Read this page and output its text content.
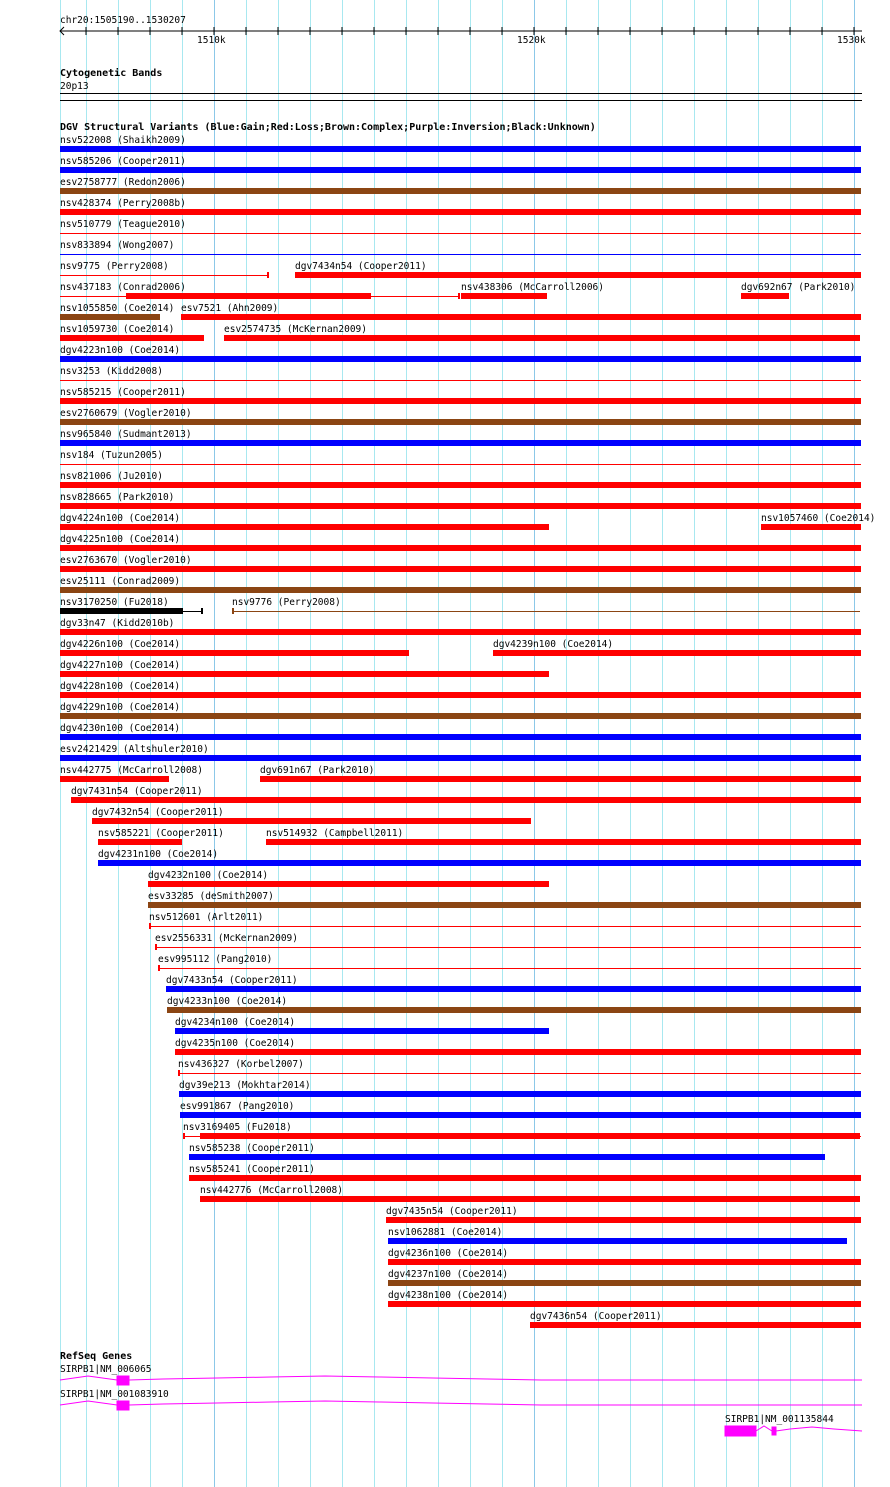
chr20:1505190..1530207
1510k	1520k	1530k
Cytogenetic Bands
20p13
DGV Structural Variants (Blue:Gain;Red:Loss;Brown:Complex;Purple:Inversion;Black:Unknown)
nsv522008 (Shaikh2009)
nsv585206 (Cooper2011)
esv2758777 (Redon2006)
nsv428374 (Perry2008b)
nsv510779 (Teague2010)
nsv833894 (Wong2007)
nsv9775 (Perry2008)	dgv7434n54 (Cooper2011)
nsv437183 (Conrad2006)	nsv438306 (McCarroll2006)	dgv692n67 (Park2010)
nsv1055850 (Coe2014) esv7521 (Ahn2009)
nsv1059730 (Coe2014)	esv2574735 (McKernan2009)
dgv4223n100 (Coe2014)
nsv3253 (Kidd2008)
nsv585215 (Cooper2011)
esv2760679 (Vogler2010)
nsv965840 (Sudmant2013)
nsv184 (Tuzun2005)
nsv821006 (Ju2010)
nsv828665 (Park2010)
dgv4224n100 (Coe2014)	nsv1057460 (Coe2014)
dgv4225n100 (Coe2014)
esv2763670 (Vogler2010)
esv25111 (Conrad2009)
nsv3170250 (Fu2018)	nsv9776 (Perry2008)
dgv33n47 (Kidd2010b)
dgv4226n100 (Coe2014)	dgv4239n100 (Coe2014)
dgv4227n100 (Coe2014)
dgv4228n100 (Coe2014)
dgv4229n100 (Coe2014)
dgv4230n100 (Coe2014)
esv2421429 (Altshuler2010)
nsv442775 (McCarroll2008)	dgv691n67 (Park2010)
dgv7431n54 (Cooper2011)
dgv7432n54 (Cooper2011)
nsv585221 (Cooper2011)	nsv514932 (Campbell2011)
dgv4231n100 (Coe2014)
dgv4232n100 (Coe2014)
esv33285 (deSmith2007)
nsv512601 (Arlt2011)
esv2556331 (McKernan2009)
esv995112 (Pang2010)
dgv7433n54 (Cooper2011)
dgv4233n100 (Coe2014)
dgv4234n100 (Coe2014)
dgv4235n100 (Coe2014)
nsv436327 (Korbel2007)
dgv39e213 (Mokhtar2014)
esv991867 (Pang2010)
nsv3169405 (Fu2018)
nsv585238 (Cooper2011)
nsv585241 (Cooper2011)
nsv442776 (McCarroll2008)
dgv7435n54 (Cooper2011)
nsv1062881 (Coe2014)
dgv4236n100 (Coe2014)
dgv4237n100 (Coe2014)
dgv4238n100 (Coe2014)
dgv7436n54 (Cooper2011)
RefSeq Genes
SIRPB1|NM_006065
SIRPB1|NM_001083910
SIRPB1|NM_001135844
